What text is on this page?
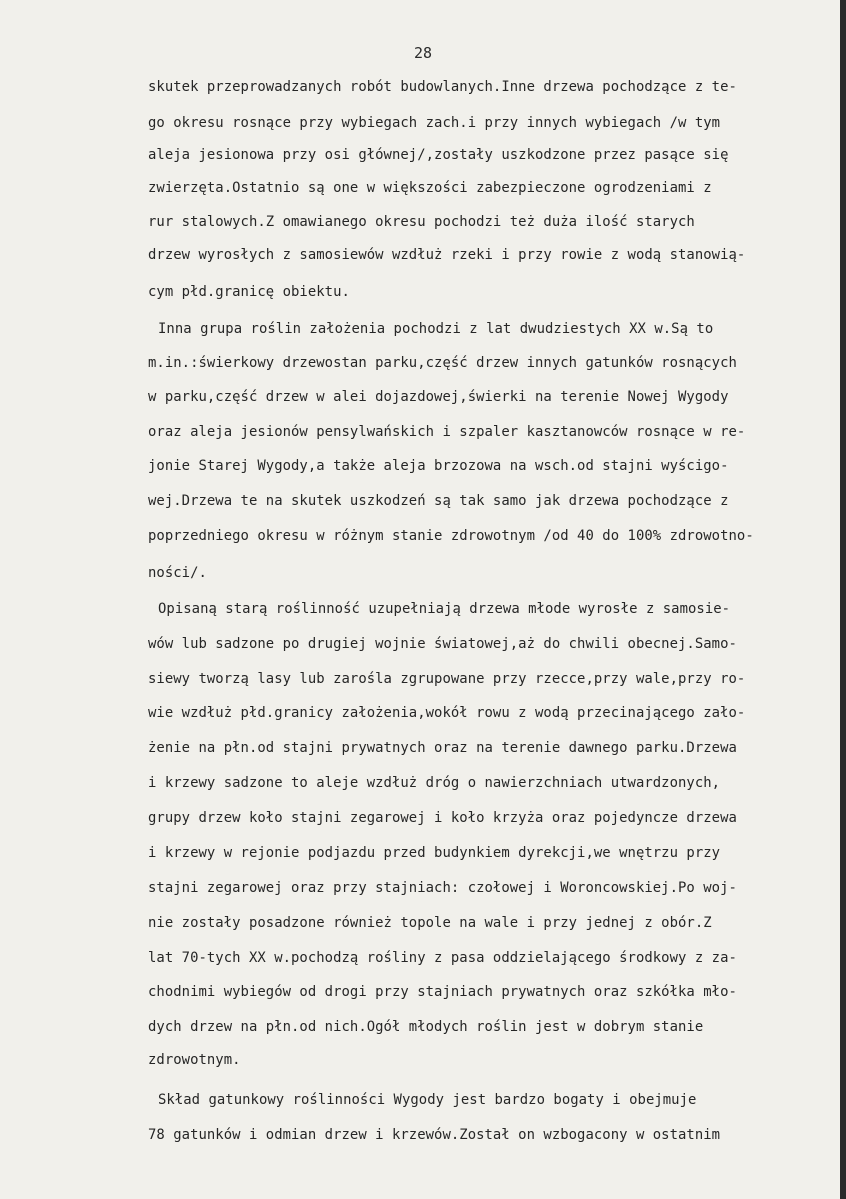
28
skutek przeprowadzanych robót budowlanych.Inne drzewa pochodzące z te-
go okresu rosnące przy wybiegach zach.i przy innych wybiegach /w tym
aleja jesionowa przy osi głównej/,zostały uszkodzone przez pasące się
zwierzęta.Ostatnio są one w większości zabezpieczone ogrodzeniami z
rur stalowych.Z omawianego okresu pochodzi też duża ilość starych
drzew wyrosłych z samosiewów wzdłuż rzeki i przy rowie z wodą stanowią-
cym płd.granicę obiektu.
Inna grupa roślin założenia pochodzi z lat dwudziestych XX w.Są to
m.in.:świerkowy drzewostan parku,część drzew innych gatunków rosnących
w parku,część drzew w alei dojazdowej,świerki na terenie Nowej Wygody
oraz aleja jesionów pensylwańskich i szpaler kasztanowców rosnące w re-
jonie Starej Wygody,a także aleja brzozowa na wsch.od stajni wyścigo-
wej.Drzewa te na skutek uszkodzeń są tak samo jak drzewa pochodzące z
poprzedniego okresu w różnym stanie zdrowotnym /od 40 do 100% zdrowotno-
ności/.
Opisaną starą roślinność uzupełniają drzewa młode wyrosłe z samosie-
wów lub sadzone po drugiej wojnie światowej,aż do chwili obecnej.Samo-
siewy tworzą lasy lub zarośla zgrupowane przy rzecce,przy wale,przy ro-
wie wzdłuż płd.granicy założenia,wokół rowu z wodą przecinającego zało-
żenie na płn.od stajni prywatnych oraz na terenie dawnego parku.Drzewa
i krzewy sadzone to aleje wzdłuż dróg o nawierzchniach utwardzonych,
grupy drzew koło stajni zegarowej i koło krzyża oraz pojedyncze drzewa
i krzewy w rejonie podjazdu przed budynkiem dyrekcji,we wnętrzu przy
stajni zegarowej oraz przy stajniach: czołowej i Woroncowskiej.Po woj-
nie zostały posadzone również topole na wale i przy jednej z obór.Z
lat 70-tych XX w.pochodzą rośliny z pasa oddzielającego środkowy z za-
chodnimi wybiegów od drogi przy stajniach prywatnych oraz szkółka mło-
dych drzew na płn.od nich.Ogół młodych roślin jest w dobrym stanie
zdrowotnym.
Skład gatunkowy roślinności Wygody jest bardzo bogaty i obejmuje
78 gatunków i odmian drzew i krzewów.Został on wzbogacony w ostatnim
